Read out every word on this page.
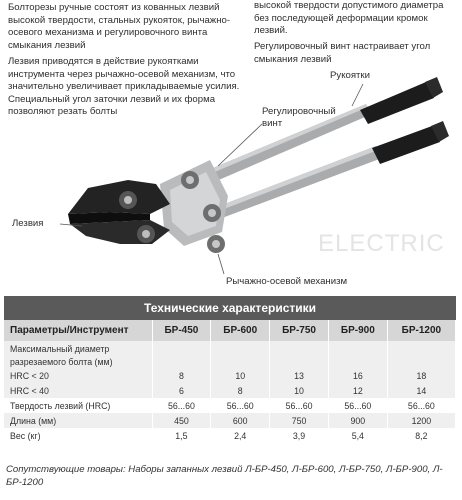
Болторезы ручные состоят из кованных лезвий высокой твердости, стальных рукояток, рычажно-осевого механизма и регулировочного винта смыкания лезвий
Лезвия приводятся в действие рукоятками инструмента через рычажно-осевой механизм, что значительно увеличивает прикладываемые усилия. Специальный угол заточки лезвий и их форма позволяют резать болты
высокой твердости допустимого диаметра без последующей деформации кромок лезвий.
Регулировочный винт настраивает угол смыкания лезвий
ELECTRIC
Рукоятки
Регулировочный винт
Лезвия
Рычажно-осевой механизм
Технические характеристики
Параметры/Инструмент	БР-450	БР-600	БР-750	БР-900	БР-1200
Максимальный диаметр					
разрезаемого болта (мм)					
HRC < 20	8	10	13	16	18
HRC < 40	6	8	10	12	14
Твердость лезвий (HRC)	56...60	56...60	56...60	56...60	56...60
Длина (мм)	450	600	750	900	1200
Вес (кг)	1,5	2,4	3,9	5,4	8,2
Сопутствующие товары: Наборы запанных лезвий Л-БР-450, Л-БР-600, Л-БР-750, Л-БР-900, Л-БР-1200
